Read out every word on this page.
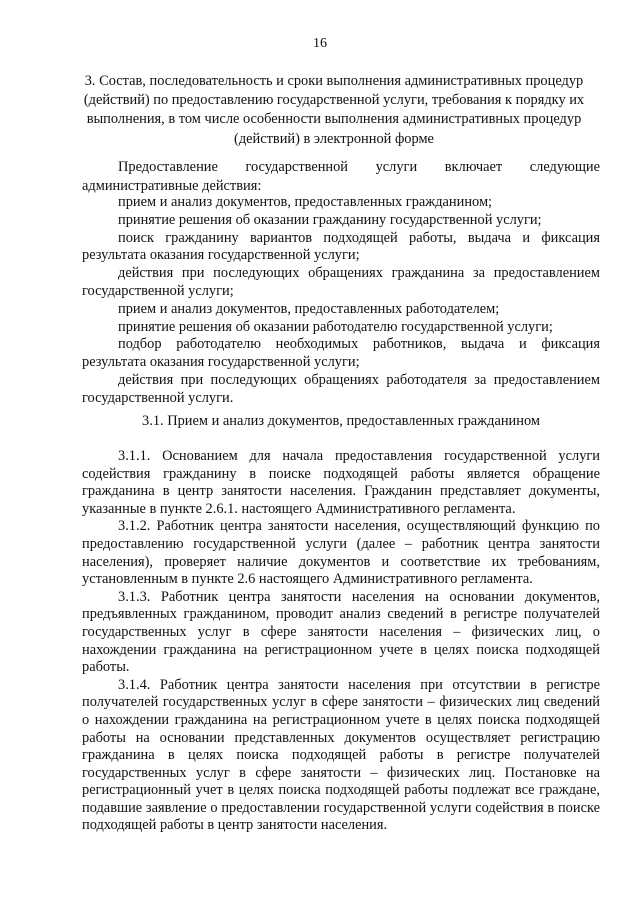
16
3. Состав, последовательность и сроки выполнения административных процедур (действий) по предоставлению государственной услуги, требования к порядку их выполнения, в том числе особенности выполнения административных процедур (действий) в электронной форме

Предоставление государственной услуги включает следующие административные действия:

прием и анализ документов, предоставленных гражданином;

принятие решения об оказании гражданину государственной услуги;

поиск гражданину вариантов подходящей работы, выдача и фиксация результата оказания государственной услуги;

действия при последующих обращениях гражданина за предоставлением государственной услуги;

прием и анализ документов, предоставленных работодателем;

принятие решения об оказании работодателю государственной услуги;

подбор работодателю необходимых работников, выдача и фиксация результата оказания государственной услуги;

действия при последующих обращениях работодателя за предоставлением государственной услуги.

3.1. Прием и анализ документов, предоставленных гражданином

3.1.1. Основанием для начала предоставления государственной услуги содействия гражданину в поиске подходящей работы является обращение гражданина в центр занятости населения. Гражданин представляет документы, указанные в пункте 2.6.1. настоящего Административного регламента.

3.1.2. Работник центра занятости населения, осуществляющий функцию по предоставлению государственной услуги (далее – работник центра занятости населения), проверяет наличие документов и соответствие их требованиям, установленным в пункте 2.6 настоящего Административного регламента.

3.1.3. Работник центра занятости населения на основании документов, предъявленных гражданином, проводит анализ сведений в регистре получателей государственных услуг в сфере занятости населения – физических лиц, о нахождении гражданина на регистрационном учете в целях поиска подходящей работы.

3.1.4. Работник центра занятости населения при отсутствии в регистре получателей государственных услуг в сфере занятости – физических лиц сведений о нахождении гражданина на регистрационном учете в целях поиска подходящей работы на основании представленных документов осуществляет регистрацию гражданина в целях поиска подходящей работы в регистре получателей государственных услуг в сфере занятости – физических лиц. Постановке на регистрационный учет в целях поиска подходящей работы подлежат все граждане, подавшие заявление о предоставлении государственной услуги содействия в поиске подходящей работы в центр занятости населения.
